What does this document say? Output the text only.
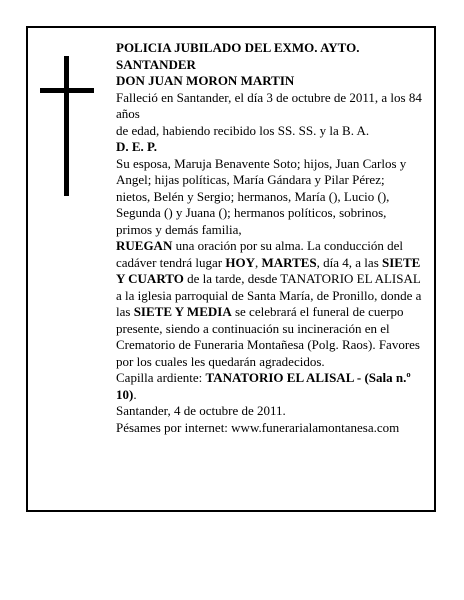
POLICIA JUBILADO DEL EXMO. AYTO. SANTANDER

DON JUAN MORON MARTIN

Falleció en Santander, el día 3 de octubre de 2011, a los 84 años

de edad, habiendo recibido los SS. SS. y la B. A.

D. E. P.

Su esposa, Maruja Benavente Soto; hijos, Juan Carlos y Angel; hijas políticas, María Gándara y Pilar Pérez; nietos, Belén y Sergio; hermanos, María (), Lucio (), Segunda () y Juana (); hermanos políticos, sobrinos, primos y demás familia,

RUEGAN una oración por su alma. La conducción del cadáver tendrá lugar HOY, MARTES, día 4, a las SIETE Y CUARTO de la tarde, desde TANATORIO EL ALISAL a la iglesia parroquial de Santa María, de Pronillo, donde a las SIETE Y MEDIA se celebrará el funeral de cuerpo presente, siendo a continuación su incineración en el Crematorio de Funeraria Montañesa (Polg. Raos). Favores por los cuales les quedarán agradecidos.

Capilla ardiente: TANATORIO EL ALISAL - (Sala n.º 10).

Santander, 4 de octubre de 2011.

Pésames por internet: www.funerarialamontanesa.com
